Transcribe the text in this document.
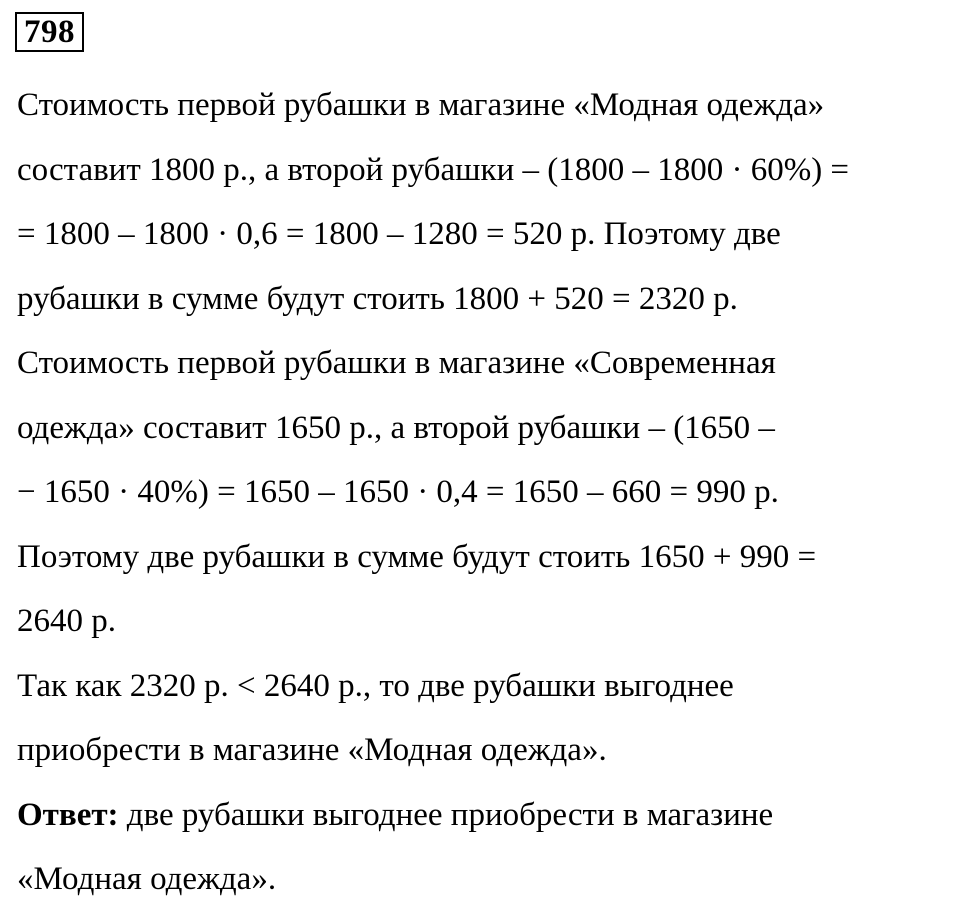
798
Стоимость первой рубашки в магазине «Модная одежда»
составит 1800 р., а второй рубашки – (1800 – 1800 · 60%) =
= 1800 – 1800 · 0,6 = 1800 – 1280 = 520 р. Поэтому две
рубашки в сумме будут стоить 1800 + 520 = 2320 р.
Стоимость первой рубашки в магазине «Современная
одежда» составит 1650 р., а второй рубашки – (1650 –
− 1650 · 40%) = 1650 – 1650 · 0,4 = 1650 – 660 = 990 р.
Поэтому две рубашки в сумме будут стоить 1650 + 990 =
2640 р.
Так как 2320 р. < 2640 р., то две рубашки выгоднее
приобрести в магазине «Модная одежда».
Ответ: две рубашки выгоднее приобрести в магазине
«Модная одежда».
